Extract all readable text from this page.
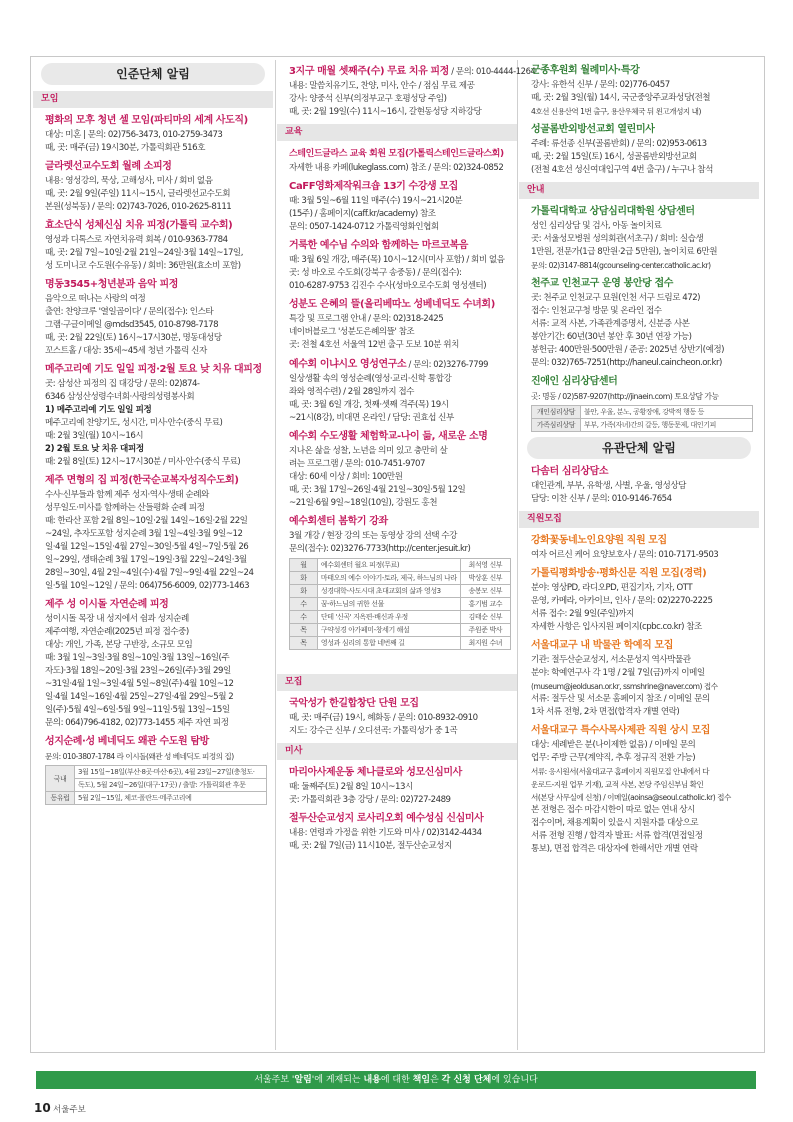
인준단체 알림
모임
평화의 모후 청년 셀 모임(파티마의 세계 사도직)
대상: 미혼 | 문의: 02)756-3473, 010-2759-3473
때, 곳: 매주(금) 19시30분, 가톨릭회관 516호
글라렛선교수도회 월례 소피정
내용: 영성강의, 묵상, 고해성사, 미사 / 회비 없음
때, 곳: 2월 9일(주일) 11시~15시, 글라렛선교수도회
본원(성북동) / 문의: 02)743-7026, 010-2625-8111
효소단식 성체신심 치유 피정(가톨릭 교수회)
영성과 디톡스로 자연치유력 회복 / 010-9363-7784
때, 곳: 2월 7일~10일·2월 21일~24일·3월 14일~17일,
성 도미니코 수도원(수유동) / 회비: 36만원(효소비 포함)
명동3545+청년분과 음악 피정
음악으로 떠나는 사랑의 여정
출연: 찬양크루 '열일곱이다' / 문의(접수): 인스타
그램·구글이메일 @mdsd3545, 010-8798-7178
때, 곳: 2월 22일(토) 16시~17시30분, 명동대성당
꼬스트홀 / 대상: 35세~45세 청년 가톨릭 신자
메주고리예 기도 일일 피정·2월 토요 낮 치유 대피정
곳: 삼성산 피정의 집 대강당 / 문의: 02)874-
6346 삼성산성령수녀회·사랑의성령봉사회
1) 메주고리예 기도 일일 피정
메주고리예 찬양기도, 성시간, 미사·안수(중식 무료)
때: 2월 3일(월) 10시~16시
2) 2월 토요 낮 치유 대피정
때: 2월 8일(토) 12시~17시30분 / 미사·안수(중식 무료)
제주 면형의 집 피정(한국순교복자성직수도회)
수사·신부들과 함께 제주 성지·역사·생태 순례와
성무일도·미사를 함께하는 산들평화 순례 피정
때: 한라산 포함 2월 8일~10일·2월 14일~16일·2월 22일
~24일, 추자도포함 성지순례 3월 1일~4일·3월 9일~12
일·4월 12일~15일·4월 27일~30일·5월 4일~7일·5월 26
일~29일, 생태순례 3월 17일~19일·3월 22일~24일·3월
28일~30일, 4월 2일~4일(수)·4월 7일~9일·4월 22일~24
일·5월 10일~12일 / 문의: 064)756-6009, 02)773-1463
제주 성 이시돌 자연순례 피정
성이시돌 목장 내 성지에서 쉼과 성지순례
제주여행, 자연순례(2025년 피정 접수중)
대상: 개인, 가족, 본당 구반장, 소규모 모임
때: 3월 1일~3일·3월 8일~10일·3월 13일~16일(주
자도)·3월 18일~20일·3월 23일~26일(주)·3월 29일
~31일·4월 1일~3일·4월 5일~8일(주)·4월 10일~12
일·4월 14일~16일·4월 25일~27일·4월 29일~5월 2
일(주)·5월 4일~6일·5월 9일~11일·5월 13일~15일
문의: 064)796-4182, 02)773-1455 제주 자연 피정
성지순례·성 베네딕도 왜관 수도원 탐방
문의: 010-3807-1784 라 이시돌(왜관 성 베네딕도 피정의 집)
국내	3월 15일~18일(부산·8곳·마산·6곳), 4월 23일~27일(충청도·
	독도), 5월 24일~26일(대구·17곳) / 출발: 가톨릭회관 후문
동유럽	5월 2일~15일, 체코·폴란드·메주고리예
3지구 매월 셋째주(수) 무료 치유 피정 / 문의: 010-4444-1264
내용: 말씀치유기도, 찬양, 미사, 안수 / 점심 무료 제공
강사: 양중석 신부(의정부교구 호평성당 주임)
때, 곳: 2월 19일(수) 11시~16시, 갈현동성당 지하강당
교육
스테인드글라스 교육 회원 모집(가톨릭스테인드글라스회)
자세한 내용 카페(lukeglass.com) 참조 / 문의: 02)324-0852
CaFF영화제작워크숍 13기 수강생 모집
때: 3월 5일~6월 11일 매주(수) 19시~21시20분
(15주) / 홈페이지(caff.kr/academy) 참조
문의: 0507-1424-0712 가톨릭영화인협회
거룩한 예수님 수의와 함께하는 마르코복음
때: 3월 6일 개강, 매주(목) 10시~12시(미사 포함) / 회비 없음
곳: 성 바오로 수도회(강북구 송중동) / 문의(접수):
010-6287-9753 김진수 수사(성바오로수도회 영성센터)
성분도 은혜의 뜰(올리베따노 성베네딕도 수녀회)
특강 및 프로그램 안내 / 문의: 02)318-2425
네이버블로그 '성분도은혜의뜰' 참조
곳: 전철 4호선 서울역 12번 출구 도보 10분 위치
예수회 이냐시오 영성연구소 / 문의: 02)3276-7799
일상생활 속의 영성순례(영성·교리·신학 통합강
좌와 영적수련) / 2월 28일까지 접수
때, 곳: 3월 6일 개강, 첫째·셋째 격주(목) 19시
~21시(8강), 비대면 온라인 / 담당: 권효섭 신부
예수회 수도생활 체험학교-나이 듦, 새로운 소명
지나온 삶을 성찰, 노년을 의미 있고 충만히 살
려는 프로그램 / 문의: 010-7451-9707
대상: 60세 이상 / 회비: 100만원
때, 곳: 3월 17일~26일·4월 21일~30일·5월 12일
~21일·6월 9일~18일(10일), 강원도 홍천
예수회센터 봄학기 강좌
3월 개강 / 현장 강의 또는 동영상 강의 선택 수강
문의(접수): 02)3276-7733(http://center.jesuit.kr)
월	예수회센터 월요 피정(무료)	최석영 신부
화	마태오의 예수 이야기-토라, 제국, 하느님의 나라	박상훈 신부
화	성경대학-사도시대 초대교회의 삶과 영성3	송봉모 신부
수	꿈-하느님의 귀한 선물	홍기범 교수
수	단테 '신곡' 지옥편-배신과 우정	김태순 신부
목	구약성경 아가페미-창세기 해설	주원준 박사
목	영성과 심리의 통합 네번째 길	최지원 수녀
모집
국악성가 한길합창단 단원 모집
때, 곳: 매주(금) 19시, 혜화동 / 문의: 010-8932-0910
지도: 강수근 신부 / 오디션곡: 가톨릭성가 중 1곡
미사
마리아사제운동 체나클로와 성모신심미사
때: 둘째주(토) 2월 8일 10시~13시
곳: 가톨릭회관 3층 강당 / 문의: 02)727-2489
절두산순교성지 로사리오회 예수성심 신심미사
내용: 연령과 가정을 위한 기도와 미사 / 02)3142-4434
때, 곳: 2월 7일(금) 11시10분, 절두산순교성지
군종후원회 월례미사·특강
강사: 유한석 신부 / 문의: 02)776-0457
때, 곳: 2월 3일(월) 14시, 국군중앙주교좌성당(전철
4호선 신용산역 1번 출구, 용산우체국 뒤 왼고개성지 내)
성골롬반외방선교회 열린미사
주례: 류선종 신부(골롬반회) / 문의: 02)953-0613
때, 곳: 2월 15일(토) 16시, 성골롬반외방선교회
(전철 4호선 성신여대입구역 4번 출구) / 누구나 참석
안내
가톨릭대학교 상담심리대학원 상담센터
성인 심리상담 및 검사, 아동 놀이치료
곳: 서울성모병원 성의회관(서초구) / 회비: 실습생
1만원, 전문가(1급 8만원·2급 5만원), 놀이치료 6만원
문의: 02)3147-8814(gcounseling-center.catholic.ac.kr)
천주교 인천교구 운영 봉안당 접수
곳: 천주교 인천교구 묘원(인천 서구 드림로 472)
접수: 인천교구청 방문 및 온라인 접수
서류: 교적 사본, 가족관계증명서, 신분증 사본
봉안기간: 60년(30년 봉안 후 30년 연장 가능)
봉헌금: 400만원·500만원 / 준공: 2025년 상반기(예정)
문의: 032)765-7251(http://haneul.caincheon.or.kr)
진애인 심리상담센터
곳: 명동 / 02)587-9207(http://jinaein.com) 토요상담 가능
개인심리상담	불안, 우울, 분노, 공황장애, 강박적 행동 등
가족심리상담	부부, 가족(자녀)간의 갈등, 행동문제, 대인기피
유관단체 알림
다솜터 심리상담소
대인관계, 부부, 유학생, 사별, 우울, 영성상담
담당: 이찬 신부 / 문의: 010-9146-7654
직원모집
강화꽃동네노인요양원 직원 모집
여자 어르신 케어 요양보호사 / 문의: 010-7171-9503
가톨릭평화방송·평화신문 직원 모집(경력)
분야: 영상PD, 라디오PD, 편집기자, 기자, OTT
운영, 카메라, 아카이브, 인사 / 문의: 02)2270-2225
서류 접수: 2월 9일(주일)까지
자세한 사항은 입사지원 페이지(cpbc.co.kr) 참조
서울대교구 내 박물관 학예직 모집
기관: 절두산순교성지, 서소문성지 역사박물관
분야: 학예연구사 각 1명 / 2월 7일(금)까지 이메일
(museum@jeoldusan.or.kr, ssmshrine@naver.com) 접수
서류: 절두산 및 서소문 홈페이지 참조 / 이메일 문의
1차 서류 전형, 2차 면접(합격자 개별 연락)
서울대교구 특수사목사제관 직원 상시 모집
대상: 세례받은 분(나이제한 없음) / 이메일 문의
업무: 주방 근무(계약직, 추후 정규직 전환 가능)
서류: 응시원서(서울대교구 홈페이지 직원모집 안내에서 다
운로드-지원 업무 기재), 교적 사본, 본당 주임신부님 확인
서(본당 사무실에 신청) / 이메일(aoinsa@seoul.catholic.kr) 접수
본 전형은 접수 마감시한이 따로 없는 연내 상시
접수이며, 채용계획이 있을시 지원자를 대상으로
서류 전형 진행 / 합격자 발표: 서류 합격(면접일정
통보), 면접 합격은 대상자에 한해서만 개별 연락
서울주보 '알림'에 게재되는 내용에 대한 책임은 각 신청 단체에 있습니다
10 서울주보
